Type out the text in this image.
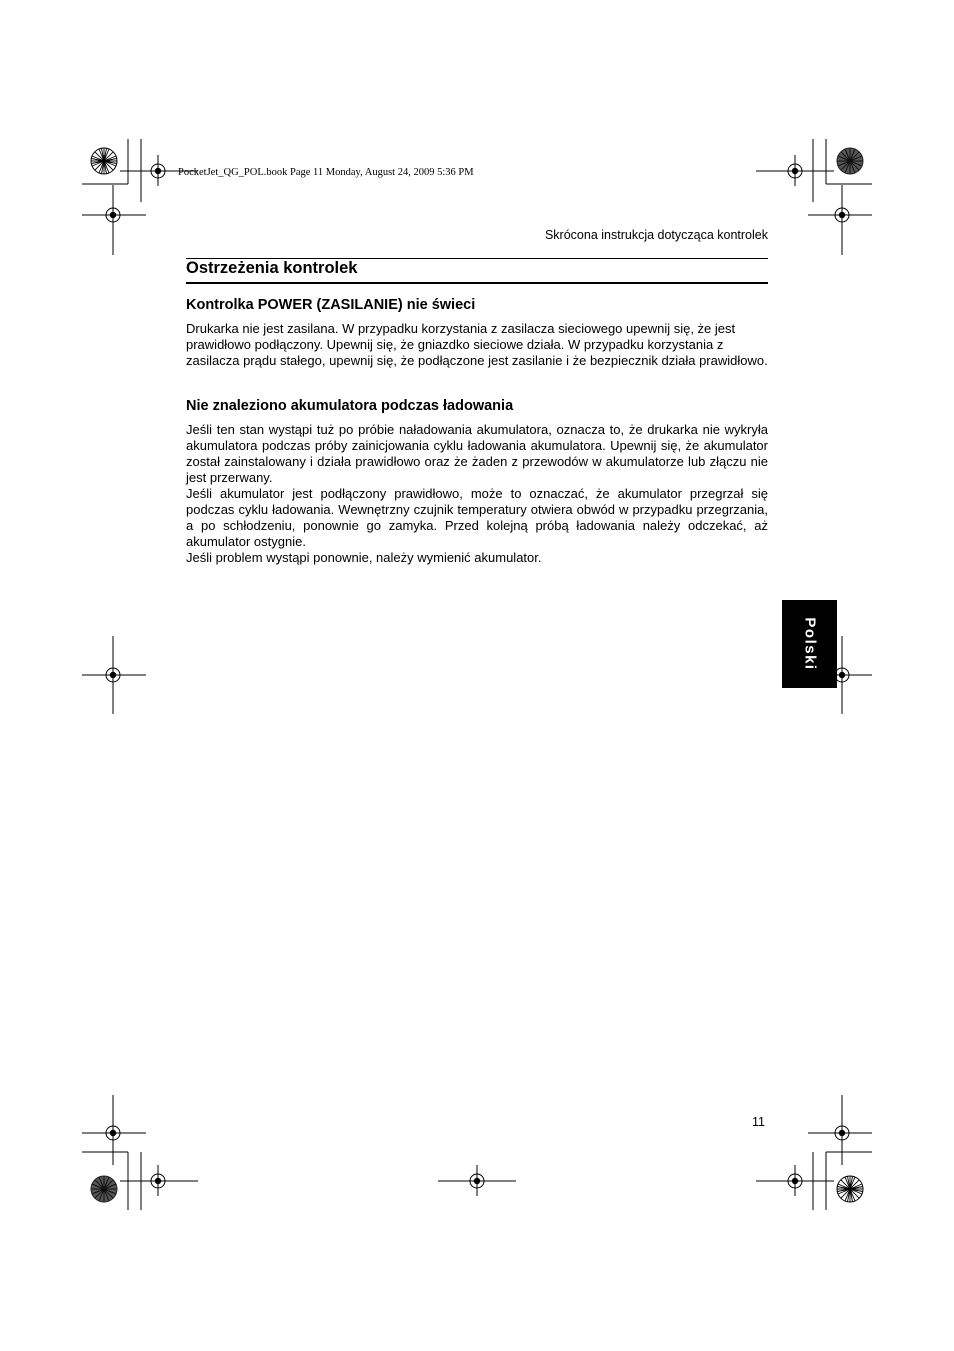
PocketJet_QG_POL.book Page 11 Monday, August 24, 2009 5:36 PM
Skrócona instrukcja dotycząca kontrolek
Ostrzeżenia kontrolek
Kontrolka POWER (ZASILANIE) nie świeci

Drukarka nie jest zasilana. W przypadku korzystania z zasilacza sieciowego upewnij się, że jest prawidłowo podłączony. Upewnij się, że gniazdko sieciowe działa. W przypadku korzystania z zasilacza prądu stałego, upewnij się, że podłączone jest zasilanie i że bezpiecznik działa prawidłowo.

Nie znaleziono akumulatora podczas ładowania

Jeśli ten stan wystąpi tuż po próbie naładowania akumulatora, oznacza to, że drukarka nie wykryła akumulatora podczas próby zainicjowania cyklu ładowania akumulatora. Upewnij się, że akumulator został zainstalowany i działa prawidłowo oraz że żaden z przewodów w akumulatorze lub złączu nie jest przerwany.

Jeśli akumulator jest podłączony prawidłowo, może to oznaczać, że akumulator przegrzał się podczas cyklu ładowania. Wewnętrzny czujnik temperatury otwiera obwód w przypadku przegrzania, a po schłodzeniu, ponownie go zamyka. Przed kolejną próbą ładowania należy odczekać, aż akumulator ostygnie.

Jeśli problem wystąpi ponownie, należy wymienić akumulator.

Polski
11
